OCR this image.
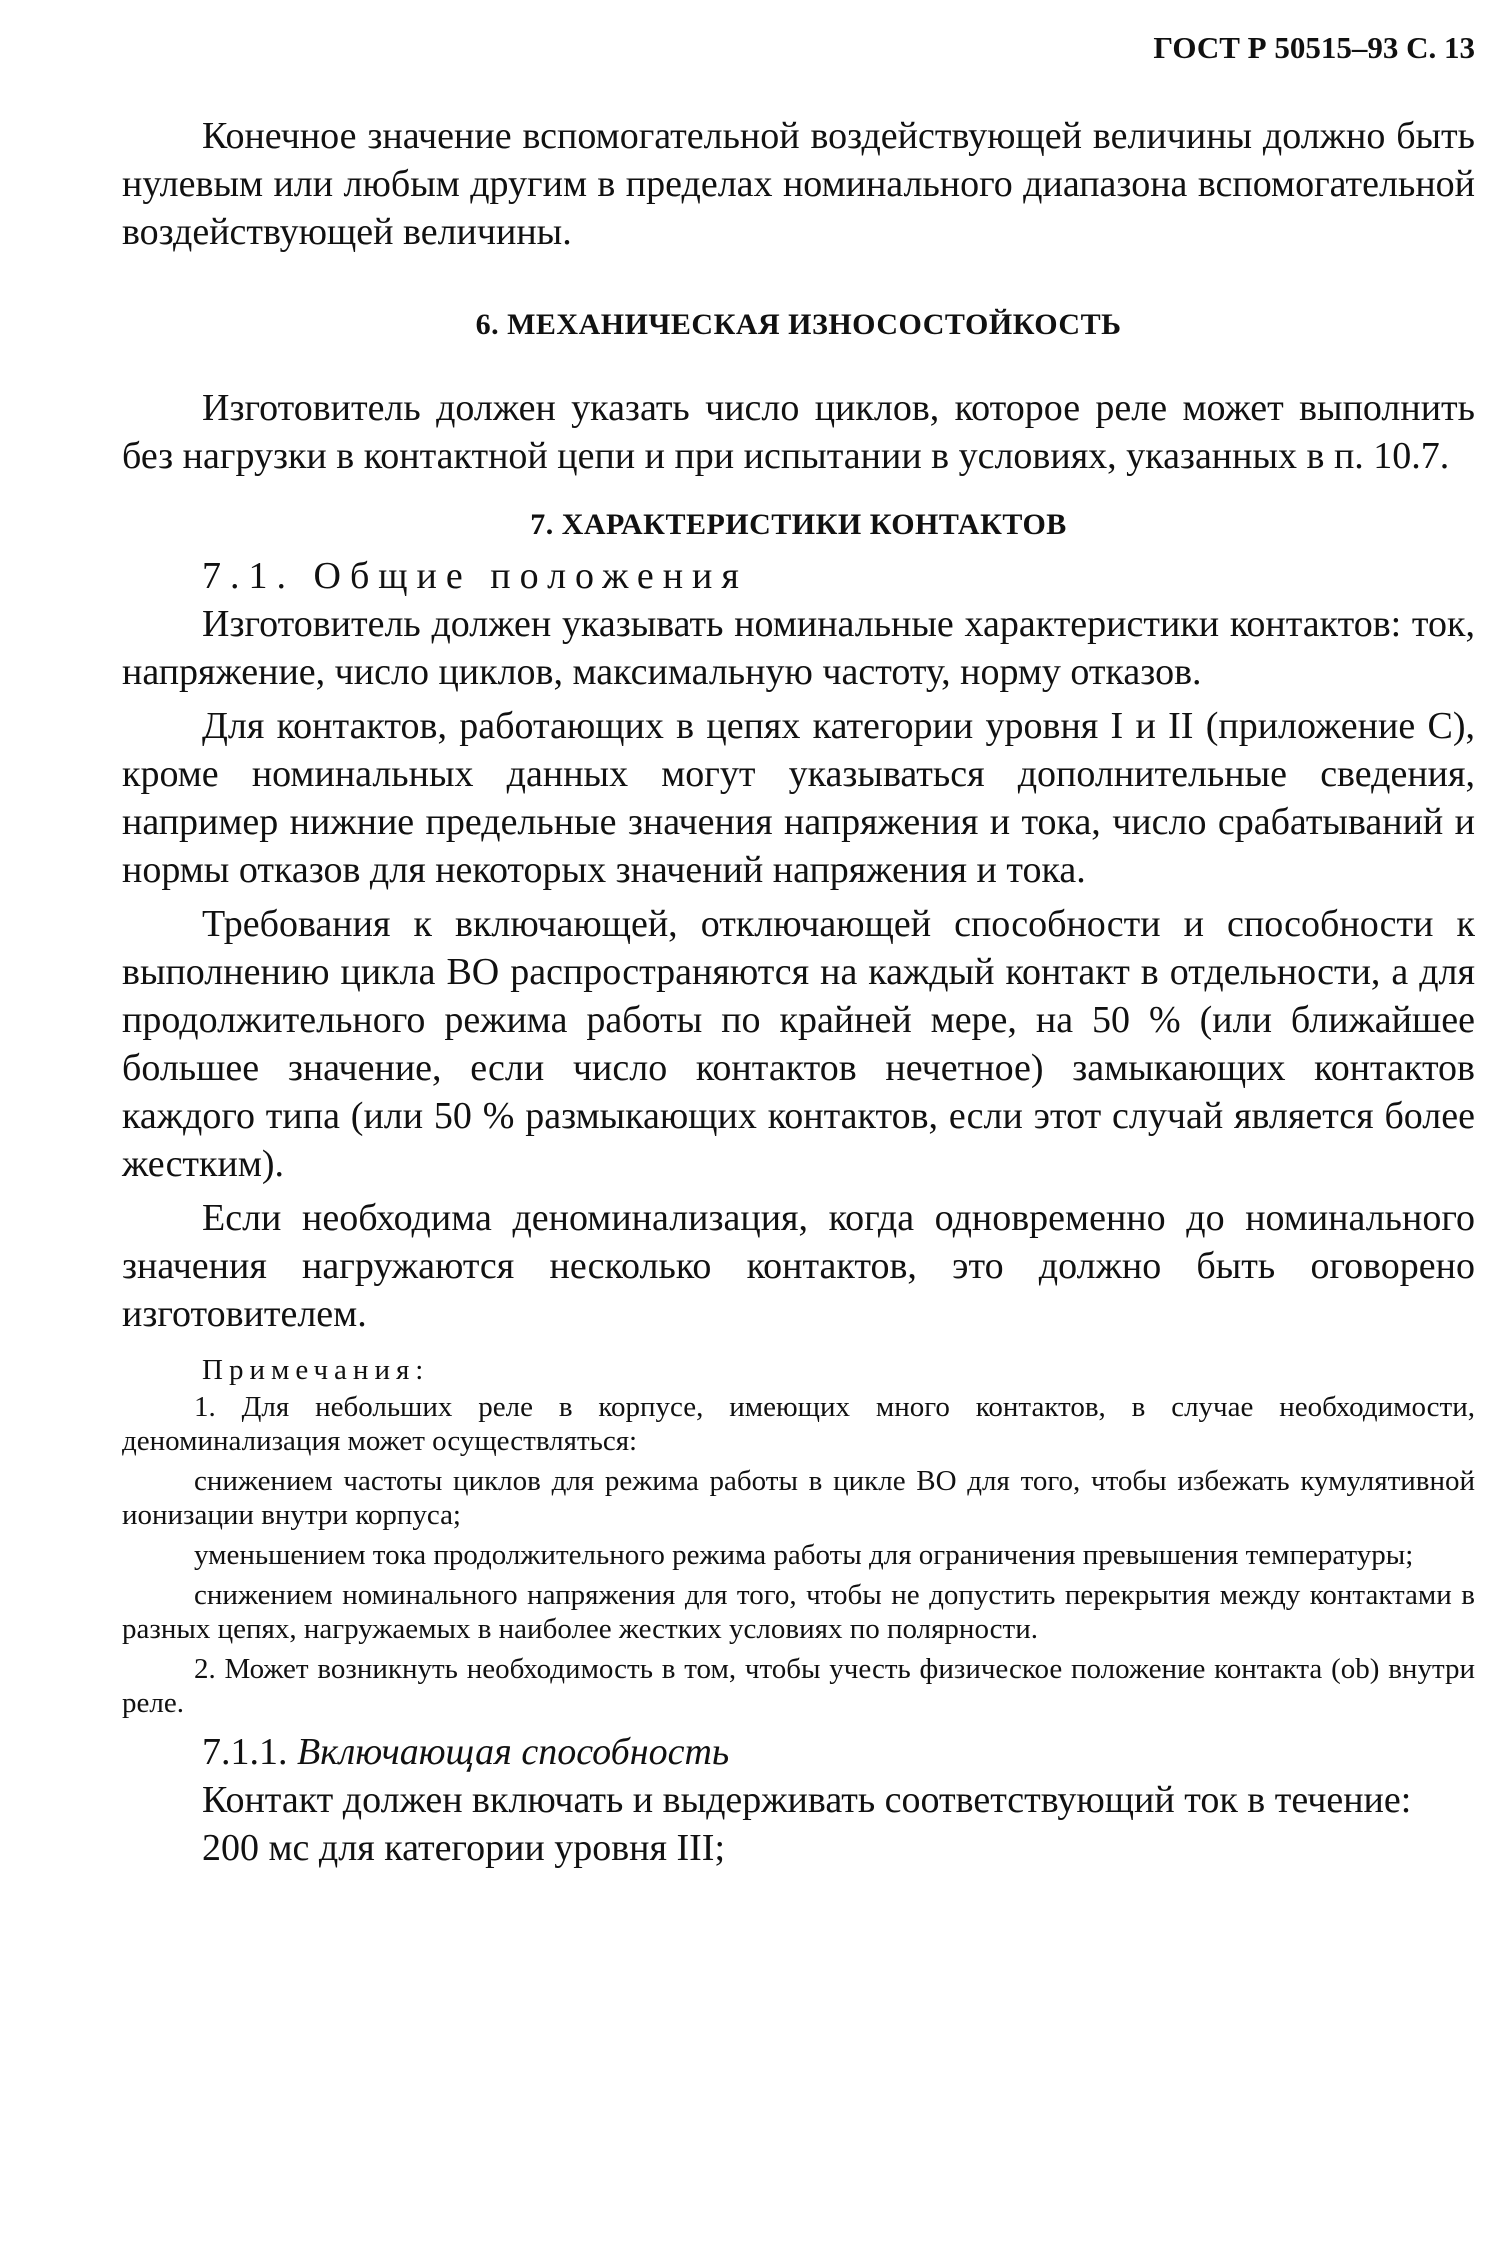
ГОСТ Р 50515–93 С. 13

Конечное значение вспомогательной воздействующей величины должно быть нулевым или любым другим в пределах номинального диапазона вспомогательной воздействующей величины.

6. МЕХАНИЧЕСКАЯ ИЗНОСОСТОЙКОСТЬ

Изготовитель должен указать число циклов, которое реле может выполнить без нагрузки в контактной цепи и при испытании в условиях, указанных в п. 10.7.

7. ХАРАКТЕРИСТИКИ КОНТАКТОВ
7.1. Общие положения

Изготовитель должен указывать номинальные характеристики контактов: ток, напряжение, число циклов, максимальную частоту, норму отказов.

Для контактов, работающих в цепях категории уровня I и II (приложение С), кроме номинальных данных могут указываться дополнительные сведения, например нижние предельные значения напряжения и тока, число срабатываний и нормы отказов для некоторых значений напряжения и тока.

Требования к включающей, отключающей способности и способности к выполнению цикла ВО распространяются на каждый контакт в отдельности, а для продолжительного режима работы по крайней мере, на 50 % (или ближайшее большее значение, если число контактов нечетное) замыкающих контактов каждого типа (или 50 % размыкающих контактов, если этот случай является более жестким).

Если необходима деноминализация, когда одновременно до номинального значения нагружаются несколько контактов, это должно быть оговорено изготовителем.

Примечания:

1. Для небольших реле в корпусе, имеющих много контактов, в случае необходимости, деноминализация может осуществляться:

снижением частоты циклов для режима работы в цикле ВО для того, чтобы избежать кумулятивной ионизации внутри корпуса;

уменьшением тока продолжительного режима работы для ограничения превышения температуры;

снижением номинального напряжения для того, чтобы не допустить перекрытия между контактами в разных цепях, нагружаемых в наиболее жестких условиях по полярности.

2. Может возникнуть необходимость в том, чтобы учесть физическое положение контакта (ob) внутри реле.

7.1.1. Включающая способность

Контакт должен включать и выдерживать соответствующий ток в течение:

200 мс для категории уровня III;
